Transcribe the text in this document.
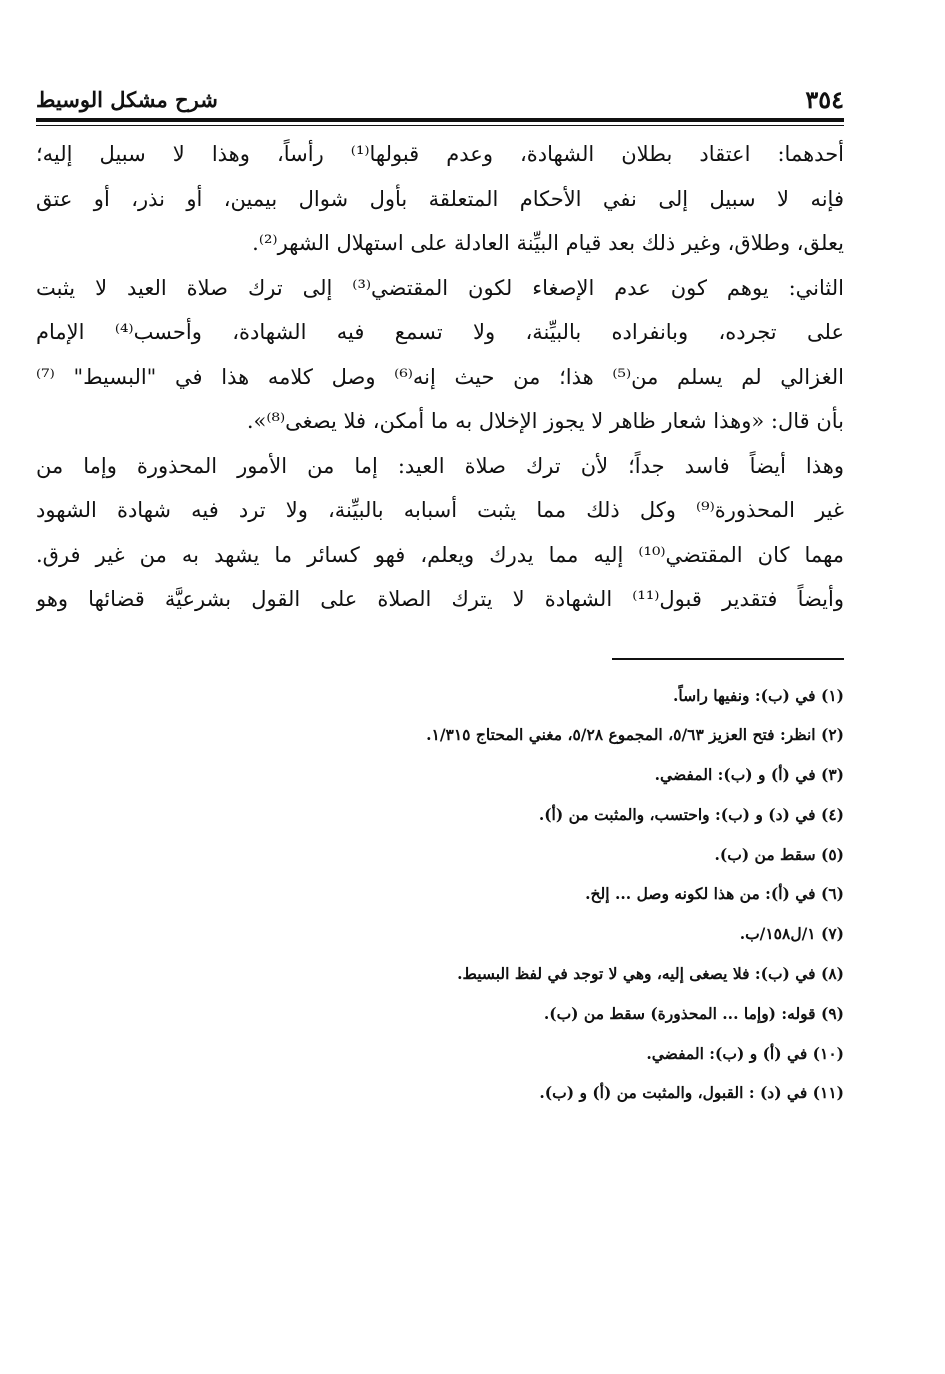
٣٥٤
شرح مشكل الوسيط
أحدهما: اعتقاد بطلان الشهادة، وعدم قبولها⁽¹⁾ رأساً، وهذا لا سبيل إليه؛
فإنه لا سبيل إلى نفي الأحكام المتعلقة بأول شوال بيمين، أو نذر، أو عتق
يعلق، وطلاق، وغير ذلك بعد قيام البيِّنة العادلة على استهلال الشهر⁽²⁾.
الثاني: يوهم كون عدم الإصغاء لكون المقتضي⁽³⁾ إلى ترك صلاة العيد لا يثبت
على تجرده، وبانفراده بالبيِّنة، ولا تسمع فيه الشهادة، وأحسب⁽⁴⁾ الإمام
الغزالي لم يسلم من⁽⁵⁾ هذا؛ من حيث إنه⁽⁶⁾ وصل كلامه هذا في "البسيط" ⁽⁷⁾
بأن قال: «وهذا شعار ظاهر لا يجوز الإخلال به ما أمكن، فلا يصغى⁽⁸⁾».
وهذا أيضاً فاسد جداً؛ لأن ترك صلاة العيد: إما من الأمور المحذورة وإما من
غير المحذورة⁽⁹⁾ وكل ذلك مما يثبت أسبابه بالبيِّنة، ولا ترد فيه شهادة الشهود
مهما كان المقتضي⁽¹⁰⁾ إليه مما يدرك ويعلم، فهو كسائر ما يشهد به من غير فرق.
وأيضاً فتقدير قبول⁽¹¹⁾ الشهادة لا يترك الصلاة على القول بشرعيَّة قضائها وهو
(١) في (ب): ونفيها راساً.
(٢) انظر: فتح العزيز ٥/٦٣، المجموع ٥/٢٨، مغني المحتاج ١/٣١٥.
(٣) في (أ) و (ب): المفضي.
(٤) في (د) و (ب): واحتسب، والمثبت من (أ).
(٥) سقط من (ب).
(٦) في (أ): من هذا لكونه وصل ... إلخ.
(٧) ١/ل١٥٨/ب.
(٨) في (ب): فلا يصغى إليه، وهي لا توجد في لفظ البسيط.
(٩) قوله: (وإما ... المحذورة) سقط من (ب).
(١٠) في (أ) و (ب): المفضي.
(١١) في (د) : القبول، والمثبت من (أ) و (ب).
